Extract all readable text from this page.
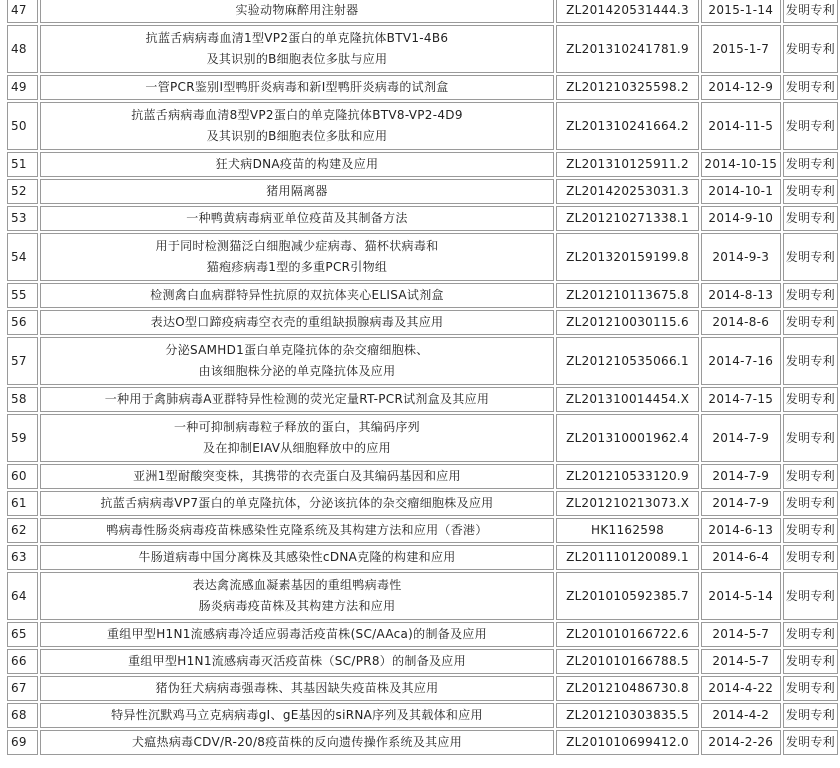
47	实验动物麻醉用注射器	ZL201420531444.3	2015-1-14	发明专利
48	抗蓝舌病病毒血清1型VP2蛋白的单克隆抗体BTV1-4B6
及其识别的B细胞表位多肽与应用	ZL201310241781.9	2015-1-7	发明专利
49	一管PCR鉴别I型鸭肝炎病毒和新I型鸭肝炎病毒的试剂盒	ZL201210325598.2	2014-12-9	发明专利
50	抗蓝舌病病毒血清8型VP2蛋白的单克隆抗体BTV8-VP2-4D9
及其识别的B细胞表位多肽和应用	ZL201310241664.2	2014-11-5	发明专利
51	狂犬病DNA疫苗的构建及应用	ZL201310125911.2	2014-10-15	发明专利
52	猪用隔离器	ZL201420253031.3	2014-10-1	发明专利
53	一种鸭黄病毒病亚单位疫苗及其制备方法	ZL201210271338.1	2014-9-10	发明专利
54	用于同时检测猫泛白细胞减少症病毒、猫杯状病毒和
猫疱疹病毒1型的多重PCR引物组	ZL201320159199.8	2014-9-3	发明专利
55	检测禽白血病群特异性抗原的双抗体夹心ELISA试剂盒	ZL201210113675.8	2014-8-13	发明专利
56	表达O型口蹄疫病毒空衣壳的重组缺损腺病毒及其应用	ZL201210030115.6	2014-8-6	发明专利
57	分泌SAMHD1蛋白单克隆抗体的杂交瘤细胞株、
由该细胞株分泌的单克隆抗体及应用	ZL201210535066.1	2014-7-16	发明专利
58	一种用于禽肺病毒A亚群特异性检测的荧光定量RT-PCR试剂盒及其应用	ZL201310014454.X	2014-7-15	发明专利
59	一种可抑制病毒粒子释放的蛋白，其编码序列
及在抑制EIAV从细胞释放中的应用	ZL201310001962.4	2014-7-9	发明专利
60	亚洲1型耐酸突变株，其携带的衣壳蛋白及其编码基因和应用	ZL201210533120.9	2014-7-9	发明专利
61	抗蓝舌病病毒VP7蛋白的单克隆抗体，分泌该抗体的杂交瘤细胞株及应用	ZL201210213073.X	2014-7-9	发明专利
62	鸭病毒性肠炎病毒疫苗株感染性克隆系统及其构建方法和应用（香港）	HK1162598	2014-6-13	发明专利
63	牛肠道病毒中国分离株及其感染性cDNA克隆的构建和应用	ZL201110120089.1	2014-6-4	发明专利
64	表达禽流感血凝素基因的重组鸭病毒性
肠炎病毒疫苗株及其构建方法和应用	ZL201010592385.7	2014-5-14	发明专利
65	重组甲型H1N1流感病毒冷适应弱毒活疫苗株(SC/AAca)的制备及应用	ZL201010166722.6	2014-5-7	发明专利
66	重组甲型H1N1流感病毒灭活疫苗株（SC/PR8）的制备及应用	ZL201010166788.5	2014-5-7	发明专利
67	猪伪狂犬病病毒强毒株、其基因缺失疫苗株及其应用	ZL201210486730.8	2014-4-22	发明专利
68	特异性沉默鸡马立克病病毒gI、gE基因的siRNA序列及其载体和应用	ZL201210303835.5	2014-4-2	发明专利
69	犬瘟热病毒CDV/R-20/8疫苗株的反向遗传操作系统及其应用	ZL201010699412.0	2014-2-26	发明专利
